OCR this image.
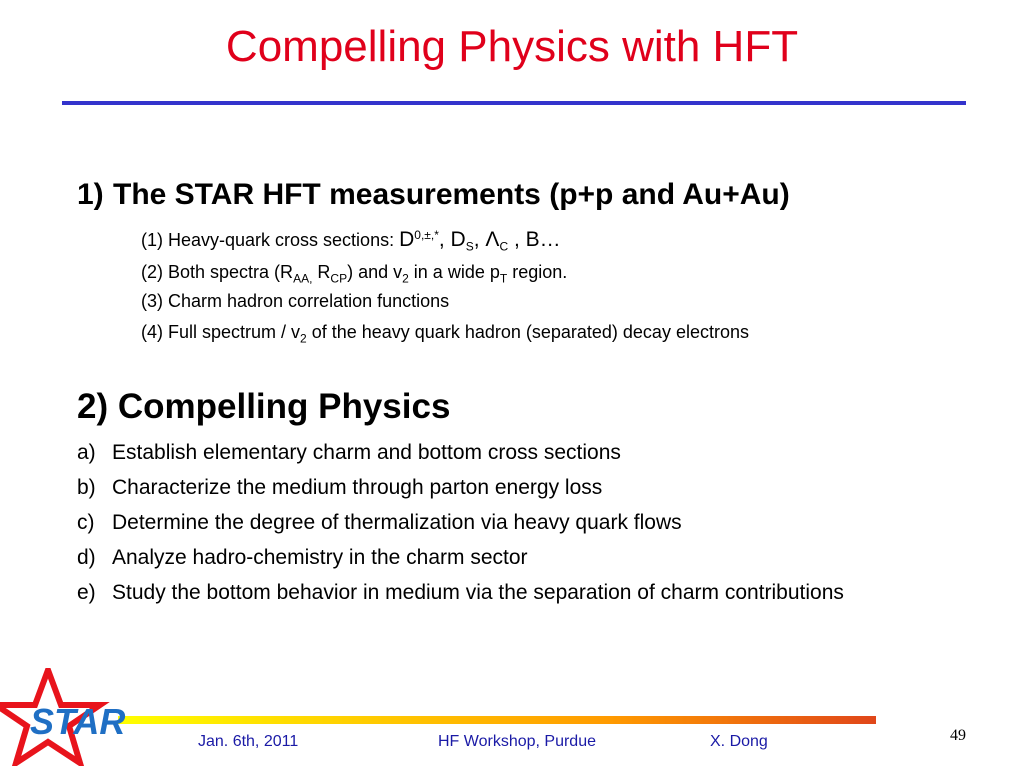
Compelling Physics with HFT
1) The STAR HFT measurements (p+p and Au+Au)
(1) Heavy-quark cross sections: $D^{0,\pm,*}$, $D_S$, $\Lambda_C$ , B…
(2) Both spectra ($R_{AA,}$ $R_{CP}$) and $v_2$ in a wide $p_T$ region.
(3) Charm hadron correlation functions
(4) Full spectrum / $v_2$ of the heavy quark hadron (separated) decay electrons
2) Compelling Physics
a) Establish elementary charm and bottom cross sections
b) Characterize the medium through parton energy loss
c) Determine the degree of thermalization via heavy quark flows
d) Analyze hadro-chemistry in the charm sector
e) Study the bottom behavior in medium via the separation of charm contributions
STAR	Jan. 6th, 2011	HF Workshop, Purdue	X. Dong	49
